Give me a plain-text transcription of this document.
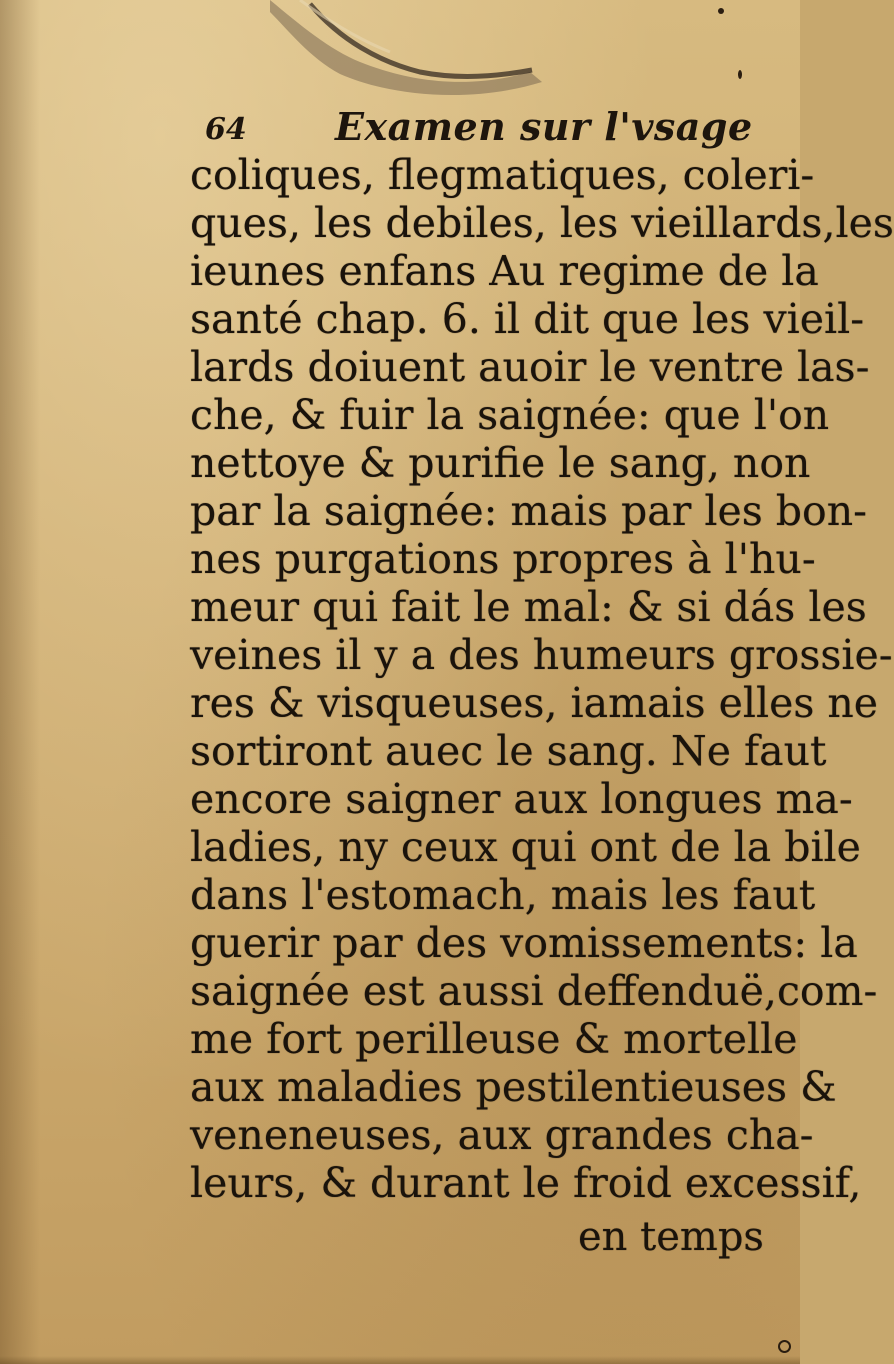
64 Examen sur l'vsage
coliques, flegmatiques, coleri-
ques, les debiles, les vieillards,les
ieunes enfans Au regime de la
santé chap. 6. il dit que les vieil-
lards doiuent auoir le ventre las-
che, & fuir la saignée: que l'on
nettoye & purifie le sang, non
par la saignée: mais par les bon-
nes purgations propres à l'hu-
meur qui fait le mal: & si dás les
veines il y a des humeurs grossie-
res & visqueuses, iamais elles ne
sortiront auec le sang. Ne faut
encore saigner aux longues ma-
ladies, ny ceux qui ont de la bile
dans l'estomach, mais les faut
guerir par des vomissements: la
saignée est aussi deffenduë,com-
me fort perilleuse & mortelle
aux maladies pestilentieuses &
veneneuses, aux grandes cha-
leurs, & durant le froid excessif,
en temps
